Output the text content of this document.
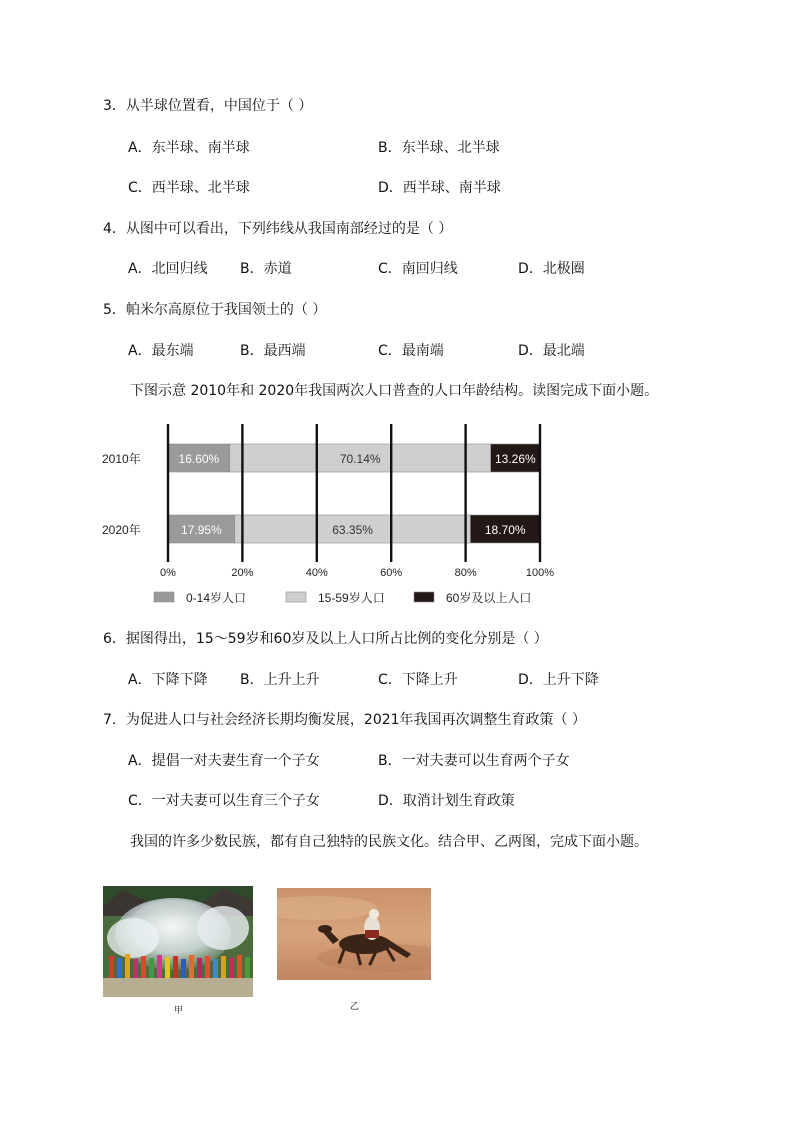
3．从半球位置看，中国位于（ ）
A．东半球、南半球	B．东半球、北半球
C．西半球、北半球	D．西半球、南半球
4．从图中可以看出，下列纬线从我国南部经过的是（ ）
A．北回归线 B．赤道	C．南回归线	D．北极圈
5．帕米尔高原位于我国领土的（ ）
A．最东端	B．最西端	C．最南端	D．最北端
下图示意 2010年和 2020年我国两次人口普查的人口年龄结构。读图完成下面小题。
16.60%	70.14%	13.26%
17.95%	63.35%	18.70%
2010年
2020年
0%	20%	40%	60%	80%	100%
0-14岁人口	15-59岁人口	60岁及以上人口
6．据图得出，15～59岁和60岁及以上人口所占比例的变化分别是（ ）
A．下降下降 B．上升上升	C．下降上升	D．上升下降
7．为促进人口与社会经济长期均衡发展，2021年我国再次调整生育政策（ ）
A．提倡一对夫妻生育一个子女	B．一对夫妻可以生育两个子女
C．一对夫妻可以生育三个子女	D．取消计划生育政策
我国的许多少数民族，都有自己独特的民族文化。结合甲、乙两图，完成下面小题。
甲	乙
